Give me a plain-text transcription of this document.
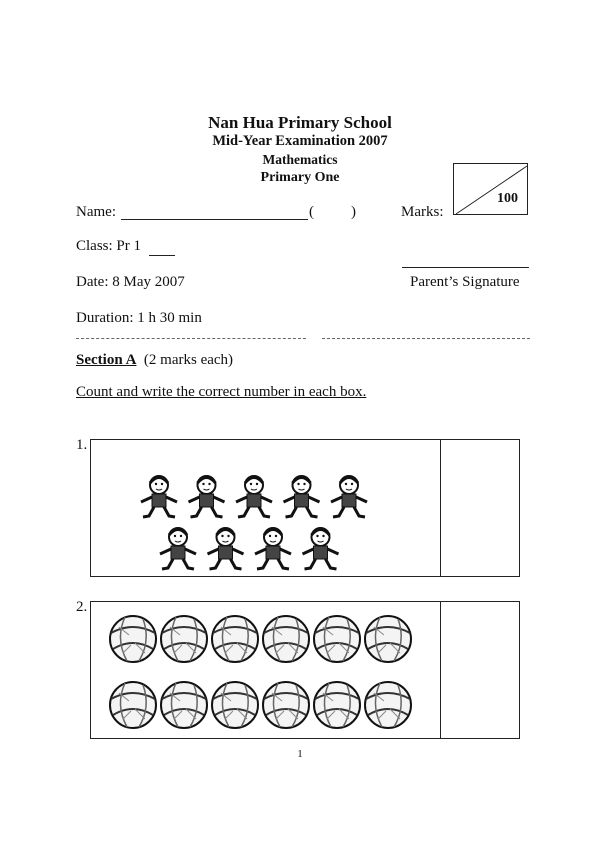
Nan Hua Primary School
Mid-Year Examination 2007
Mathematics
Primary One
100
Name:	( )	Marks:
Class: Pr 1
Date: 8 May 2007	Parent’s Signature
Duration: 1 h 30 min
Section A (2 marks each)
Count and write the correct number in each box.
1.
2.
1
